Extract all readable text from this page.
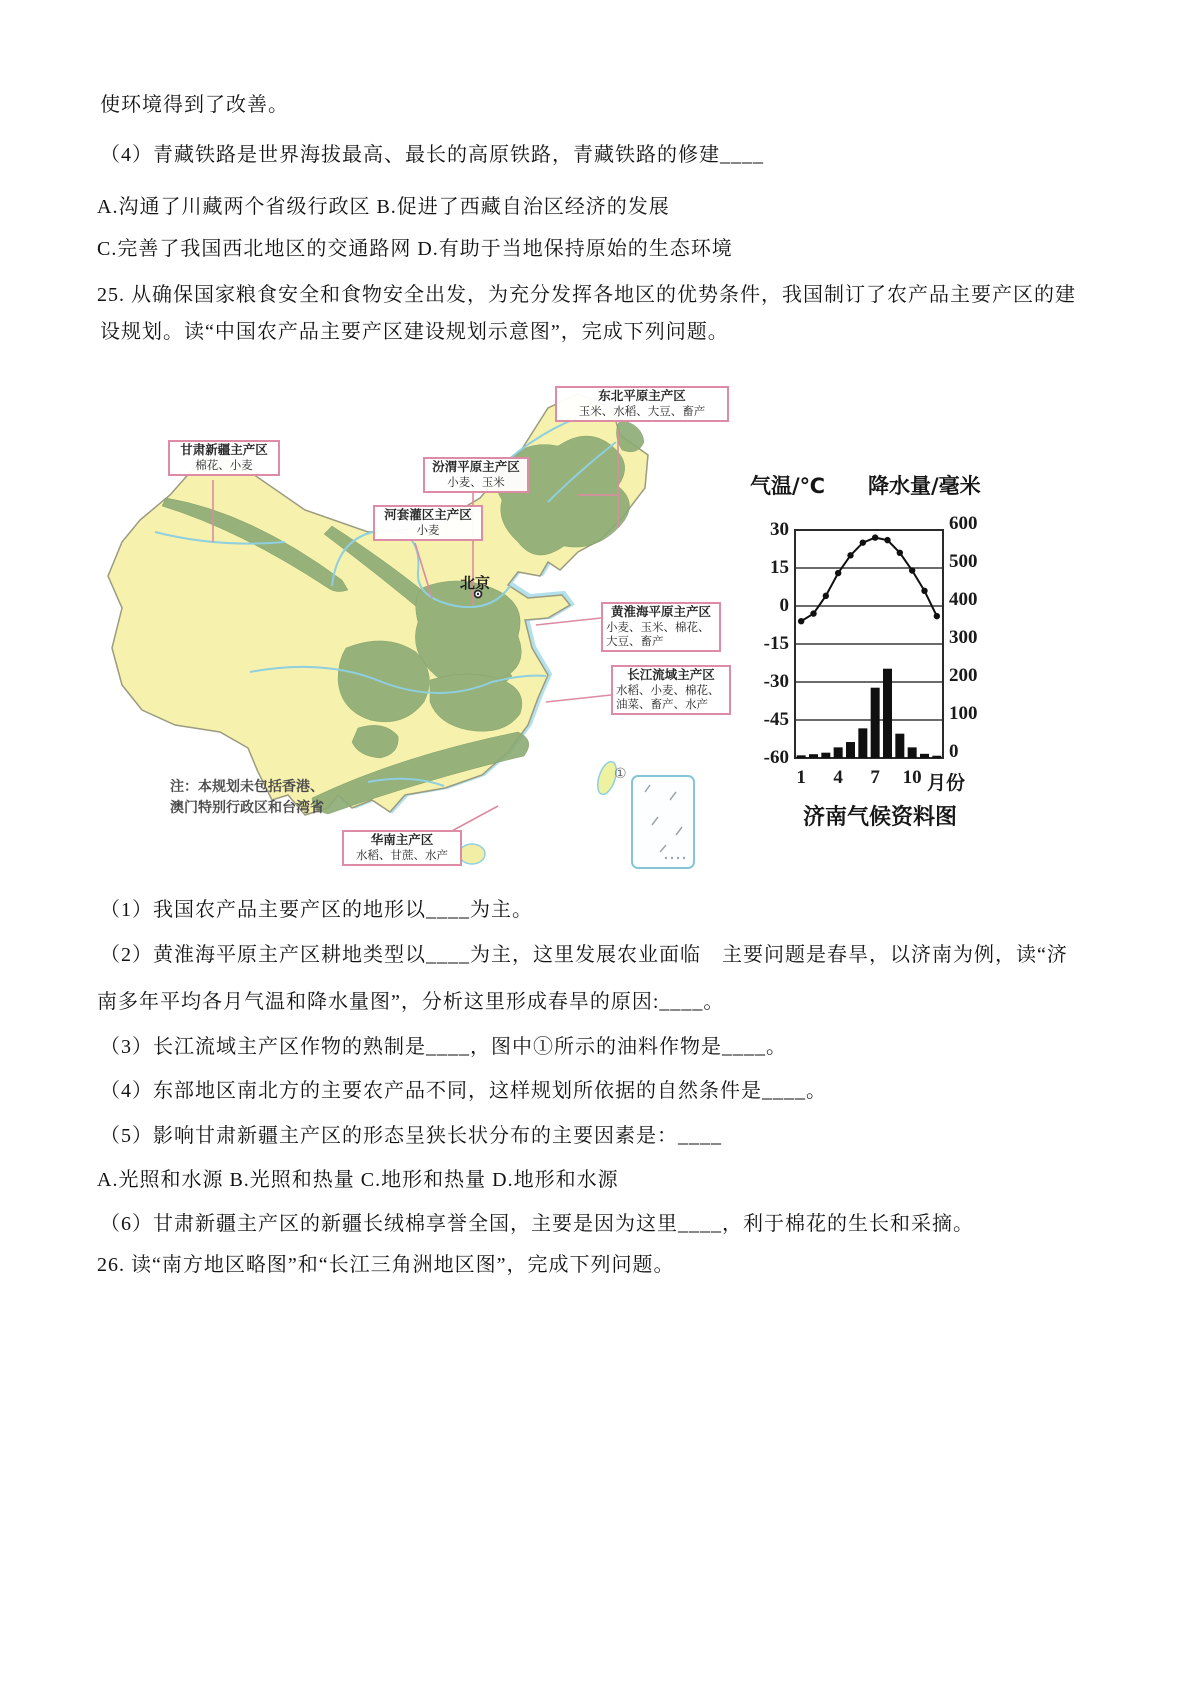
使环境得到了改善。
（4）青藏铁路是世界海拔最高、最长的高原铁路，青藏铁路的修建____
A.沟通了川藏两个省级行政区 B.促进了西藏自治区经济的发展
C.完善了我国西北地区的交通路网 D.有助于当地保持原始的生态环境
25. 从确保国家粮食安全和食物安全出发，为充分发挥各地区的优势条件，我国制订了农产品主要产区的建
设规划。读“中国农产品主要产区建设规划示意图”，完成下列问题。
甘肃新疆主产区
棉花、小麦	汾渭平原主产区
小麦、玉米
河套灌区主产区
小麦
东北平原主产区
玉米、水稻、大豆、畜产
黄淮海平原主产区
小麦、玉米、棉花、
大豆、畜产
长江流域主产区
水稻、小麦、棉花、
油菜、畜产、水产
华南主产区
水稻、甘蔗、水产
北京
①
注：本规划未包括香港、
澳门特别行政区和台湾省
气温/℃ 降水量/毫米
月份
济南气候资料图
30
15
0
-15
-30
-45
-60
600
500
400
300
200
100
0
1	4	7	10
（1）我国农产品主要产区的地形以____为主。
（2）黄淮海平原主产区耕地类型以____为主，这里发展农业面临　主要问题是春旱，以济南为例，读“济
南多年平均各月气温和降水量图”，分析这里形成春旱的原因:____。
（3）长江流域主产区作物的熟制是____，图中①所示的油料作物是____。
（4）东部地区南北方的主要农产品不同，这样规划所依据的自然条件是____。
（5）影响甘肃新疆主产区的形态呈狭长状分布的主要因素是：____
A.光照和水源 B.光照和热量 C.地形和热量 D.地形和水源
（6）甘肃新疆主产区的新疆长绒棉享誉全国，主要是因为这里____，利于棉花的生长和采摘。
26. 读“南方地区略图”和“长江三角洲地区图”，完成下列问题。
